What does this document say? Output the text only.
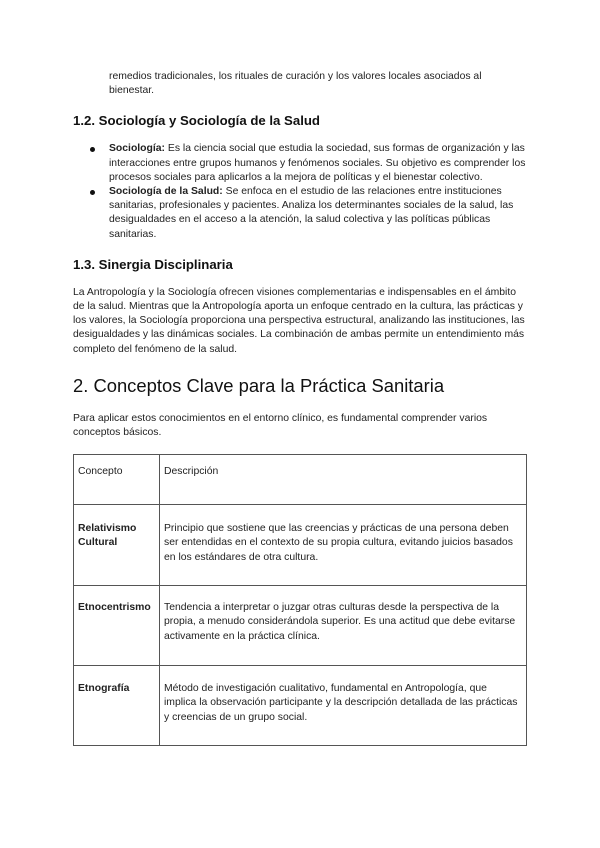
remedios tradicionales, los rituales de curación y los valores locales asociados al bienestar.

1.2. Sociología y Sociología de la Salud
Sociología: Es la ciencia social que estudia la sociedad, sus formas de organización y las interacciones entre grupos humanos y fenómenos sociales. Su objetivo es comprender los procesos sociales para aplicarlos a la mejora de políticas y el bienestar colectivo.
Sociología de la Salud: Se enfoca en el estudio de las relaciones entre instituciones sanitarias, profesionales y pacientes. Analiza los determinantes sociales de la salud, las desigualdades en el acceso a la atención, la salud colectiva y las políticas públicas sanitarias.
1.3. Sinergia Disciplinaria

La Antropología y la Sociología ofrecen visiones complementarias e indispensables en el ámbito de la salud. Mientras que la Antropología aporta un enfoque centrado en la cultura, las prácticas y los valores, la Sociología proporciona una perspectiva estructural, analizando las instituciones, las desigualdades y las dinámicas sociales. La combinación de ambas permite un entendimiento más completo del fenómeno de la salud.

2. Conceptos Clave para la Práctica Sanitaria

Para aplicar estos conocimientos en el entorno clínico, es fundamental comprender varios conceptos básicos.

Concepto	Descripción
Relativismo Cultural	Principio que sostiene que las creencias y prácticas de una persona deben ser entendidas en el contexto de su propia cultura, evitando juicios basados en los estándares de otra cultura.
Etnocentrismo	Tendencia a interpretar o juzgar otras culturas desde la perspectiva de la propia, a menudo considerándola superior. Es una actitud que debe evitarse activamente en la práctica clínica.
Etnografía	Método de investigación cualitativo, fundamental en Antropología, que implica la observación participante y la descripción detallada de las prácticas y creencias de un grupo social.
